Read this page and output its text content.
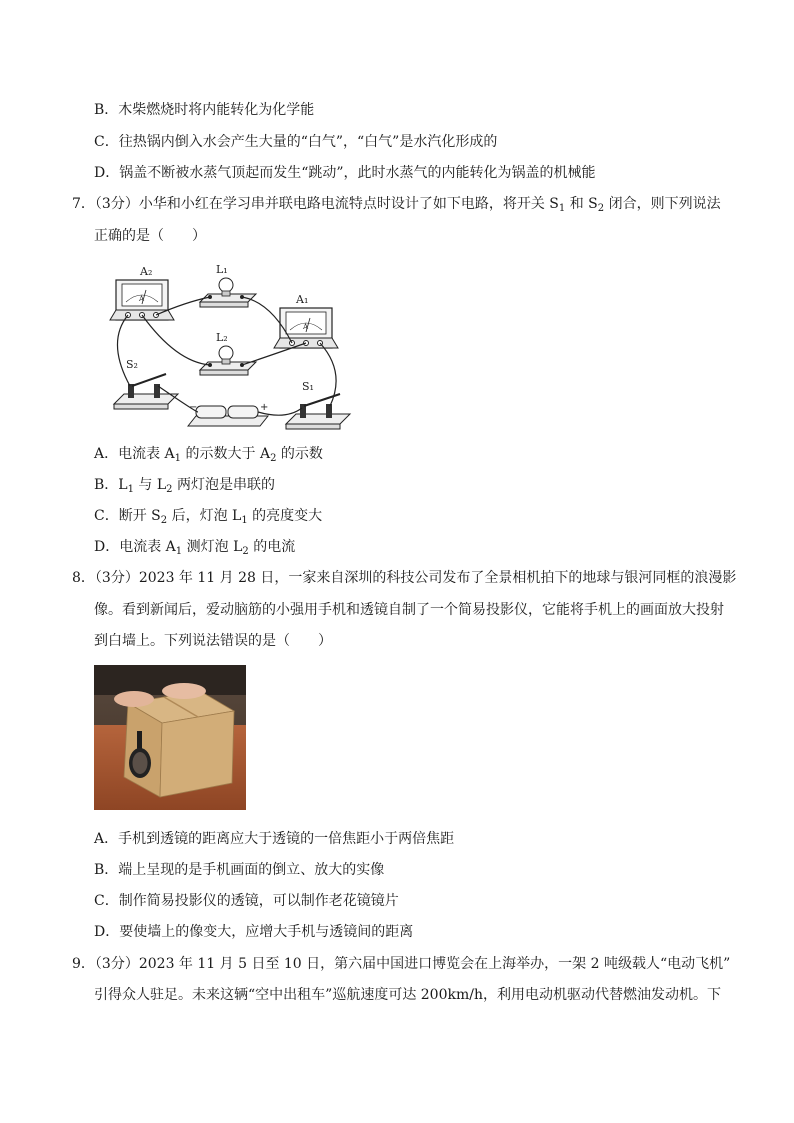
B．木柴燃烧时将内能转化为化学能
C．往热锅内倒入水会产生大量的“白气”，“白气”是水汽化形成的
D．锅盖不断被水蒸气顶起而发生“跳动”，此时水蒸气的内能转化为锅盖的机械能
7．（3分）小华和小红在学习串并联电路电流特点时设计了如下电路，将开关 $S_1$ 和 $S_2$ 闭合，则下列说法
正确的是（　　）
A
A₂	L₁
A
A₁
L₂
S₂
−	+
S₁
A．电流表 $A_1$ 的示数大于 $A_2$ 的示数
B．$L_1$ 与 $L_2$ 两灯泡是串联的
C．断开 $S_2$ 后，灯泡 $L_1$ 的亮度变大
D．电流表 $A_1$ 测灯泡 $L_2$ 的电流
8．（3分）2023 年 11 月 28 日，一家来自深圳的科技公司发布了全景相机拍下的地球与银河同框的浪漫影
像。看到新闻后，爱动脑筋的小强用手机和透镜自制了一个简易投影仪，它能将手机上的画面放大投射
到白墙上。下列说法错误的是（　　）
A．手机到透镜的距离应大于透镜的一倍焦距小于两倍焦距
B．端上呈现的是手机画面的倒立、放大的实像
C．制作简易投影仪的透镜，可以制作老花镜镜片
D．要使墙上的像变大，应增大手机与透镜间的距离
9．（3分）2023 年 11 月 5 日至 10 日，第六届中国进口博览会在上海举办，一架 2 吨级载人“电动飞机”
引得众人驻足。未来这辆“空中出租车”巡航速度可达 200km/h，利用电动机驱动代替燃油发动机。下
